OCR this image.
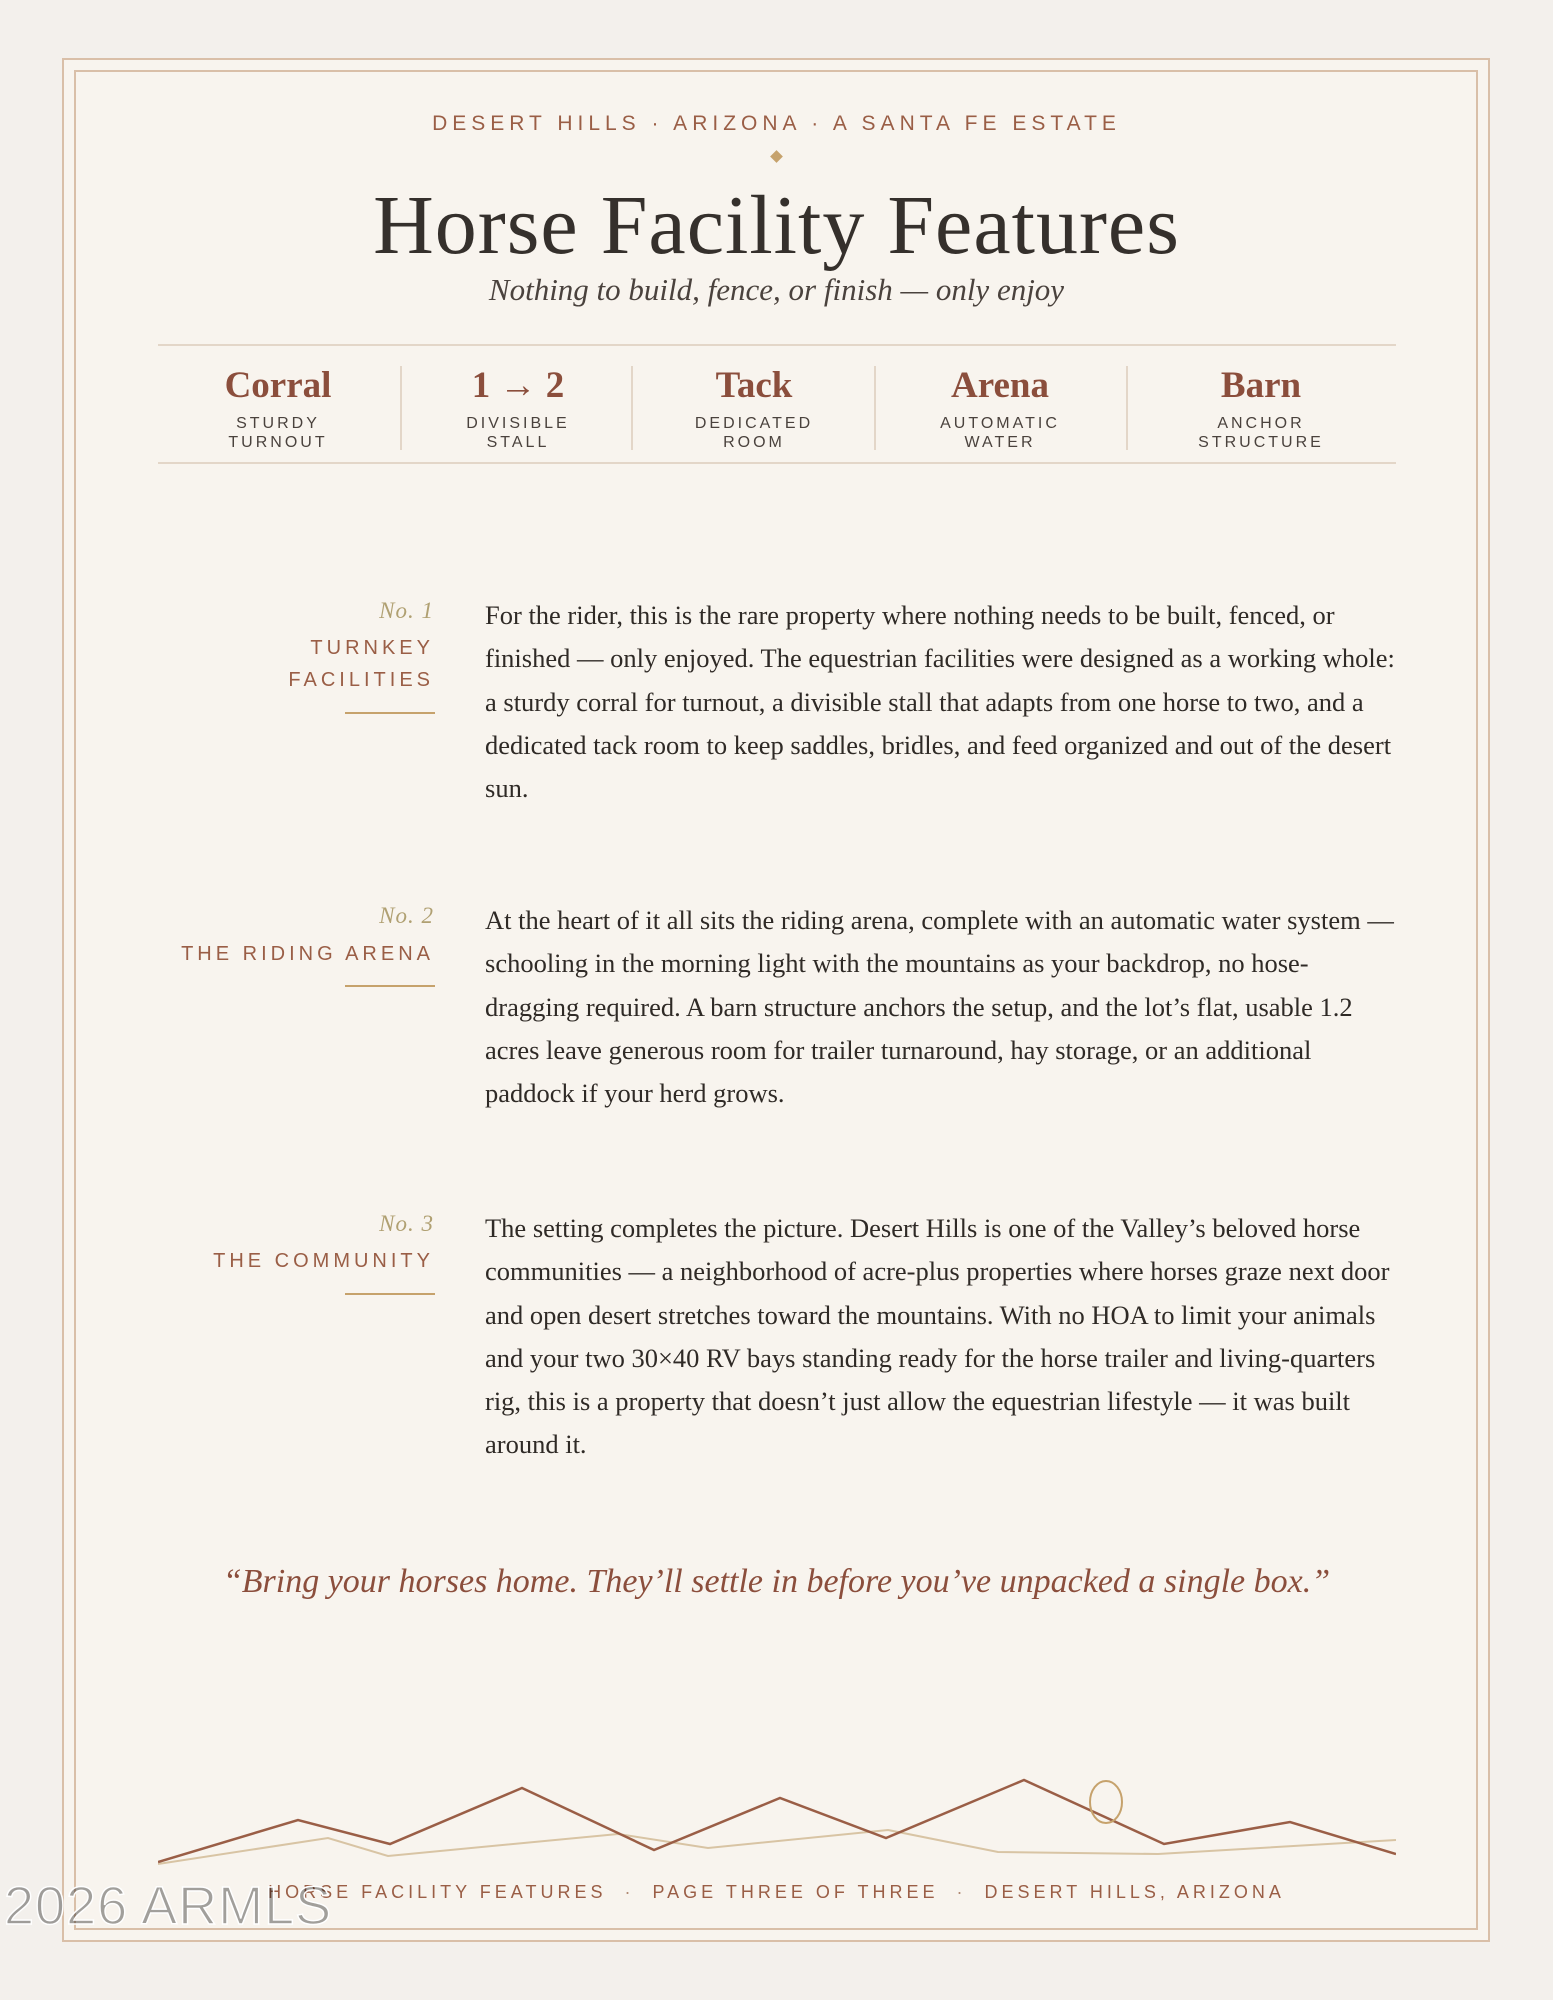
DESERT HILLS · ARIZONA · A SANTA FE ESTATE
Horse Facility Features
Nothing to build, fence, or finish — only enjoy
Corral
STURDY
TURNOUT
1 → 2
DIVISIBLE
STALL
Tack
DEDICATED
ROOM
Arena
AUTOMATIC
WATER
Barn
ANCHOR
STRUCTURE
No. 1
TURNKEY
FACILITIES
For the rider, this is the rare property where nothing needs to be built, fenced, or finished — only enjoyed. The equestrian facilities were designed as a working whole: a sturdy corral for turnout, a divisible stall that adapts from one horse to two, and a dedicated tack room to keep saddles, bridles, and feed organized and out of the desert sun.
No. 2
THE RIDING ARENA
At the heart of it all sits the riding arena, complete with an automatic water system — schooling in the morning light with the mountains as your backdrop, no hose-dragging required. A barn structure anchors the setup, and the lot’s flat, usable 1.2 acres leave generous room for trailer turnaround, hay storage, or an additional paddock if your herd grows.
No. 3
THE COMMUNITY
The setting completes the picture. Desert Hills is one of the Valley’s beloved horse communities — a neighborhood of acre-plus properties where horses graze next door and open desert stretches toward the mountains. With no HOA to limit your animals and your two 30×40 RV bays standing ready for the horse trailer and living-quarters rig, this is a property that doesn’t just allow the equestrian lifestyle — it was built around it.
“Bring your horses home. They’ll settle in before you’ve unpacked a single box.”
HORSE FACILITY FEATURES · PAGE THREE OF THREE · DESERT HILLS, ARIZONA
2026 ARMLS
